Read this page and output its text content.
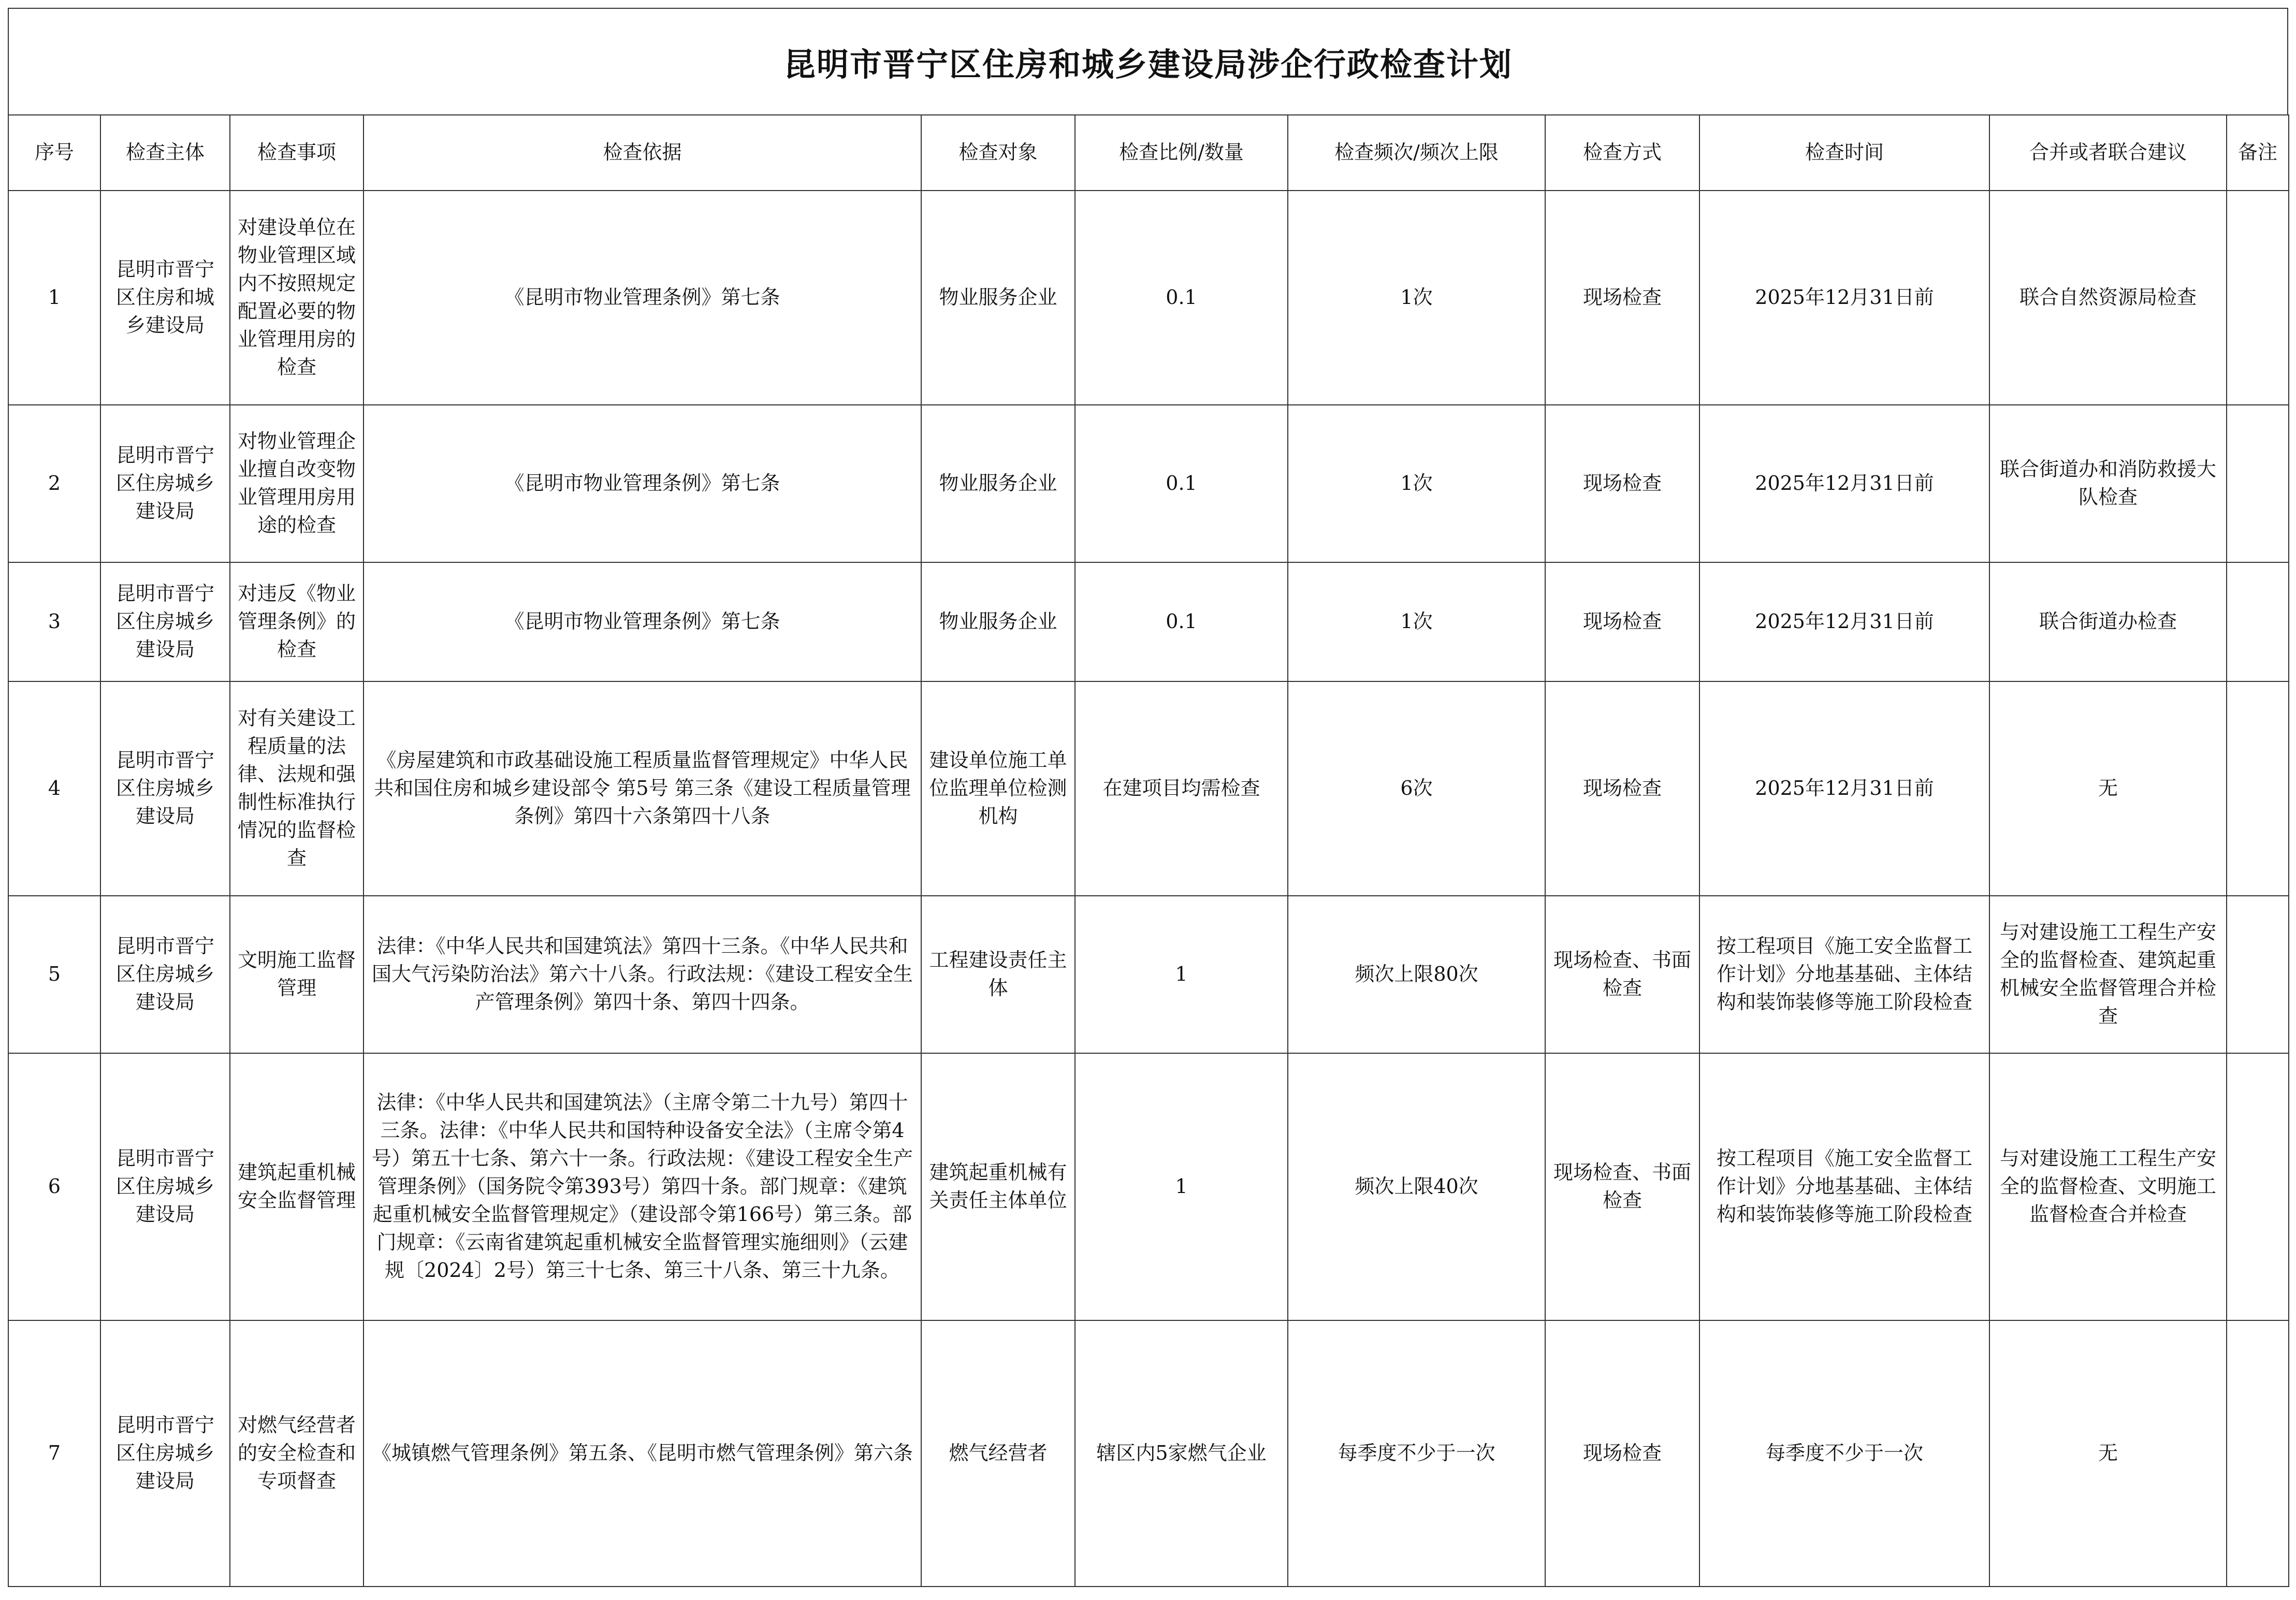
昆明市晋宁区住房和城乡建设局涉企行政检查计划
序号	检查主体	检查事项	检查依据	检查对象	检查比例/数量	检查频次/频次上限	检查方式	检查时间	合并或者联合建议	备注
1	昆明市晋宁区住房和城乡建设局	对建设单位在物业管理区域内不按照规定配置必要的物业管理用房的检查	《昆明市物业管理条例》第七条	物业服务企业	0.1	1次	现场检查	2025年12月31日前	联合自然资源局检查	
2	昆明市晋宁区住房城乡建设局	对物业管理企业擅自改变物业管理用房用途的检查	《昆明市物业管理条例》第七条	物业服务企业	0.1	1次	现场检查	2025年12月31日前	联合街道办和消防救援大队检查	
3	昆明市晋宁区住房城乡建设局	对违反《物业管理条例》的检查	《昆明市物业管理条例》第七条	物业服务企业	0.1	1次	现场检查	2025年12月31日前	联合街道办检查	
4	昆明市晋宁区住房城乡建设局	对有关建设工程质量的法律、法规和强制性标准执行情况的监督检查	《房屋建筑和市政基础设施工程质量监督管理规定》中华人民共和国住房和城乡建设部令 第5号 第三条《建设工程质量管理条例》第四十六条第四十八条	建设单位施工单位监理单位检测机构	在建项目均需检查	6次	现场检查	2025年12月31日前	无	
5	昆明市晋宁区住房城乡建设局	文明施工监督管理	法律：《中华人民共和国建筑法》第四十三条。《中华人民共和国大气污染防治法》第六十八条。行政法规：《建设工程安全生产管理条例》第四十条、第四十四条。	工程建设责任主体	1	频次上限80次	现场检查、书面检查	按工程项目《施工安全监督工作计划》分地基基础、主体结构和装饰装修等施工阶段检查	与对建设施工工程生产安全的监督检查、建筑起重机械安全监督管理合并检查	
6	昆明市晋宁区住房城乡建设局	建筑起重机械安全监督管理	法律：《中华人民共和国建筑法》（主席令第二十九号）第四十三条。法律：《中华人民共和国特种设备安全法》（主席令第4号）第五十七条、第六十一条。行政法规：《建设工程安全生产管理条例》（国务院令第393号）第四十条。部门规章：《建筑起重机械安全监督管理规定》（建设部令第166号）第三条。部门规章：《云南省建筑起重机械安全监督管理实施细则》（云建规〔2024〕2号）第三十七条、第三十八条、第三十九条。	建筑起重机械有关责任主体单位	1	频次上限40次	现场检查、书面检查	按工程项目《施工安全监督工作计划》分地基基础、主体结构和装饰装修等施工阶段检查	与对建设施工工程生产安全的监督检查、文明施工监督检查合并检查	
7	昆明市晋宁区住房城乡建设局	对燃气经营者的安全检查和专项督查	《城镇燃气管理条例》第五条、《昆明市燃气管理条例》第六条	燃气经营者	辖区内5家燃气企业	每季度不少于一次	现场检查	每季度不少于一次	无	
